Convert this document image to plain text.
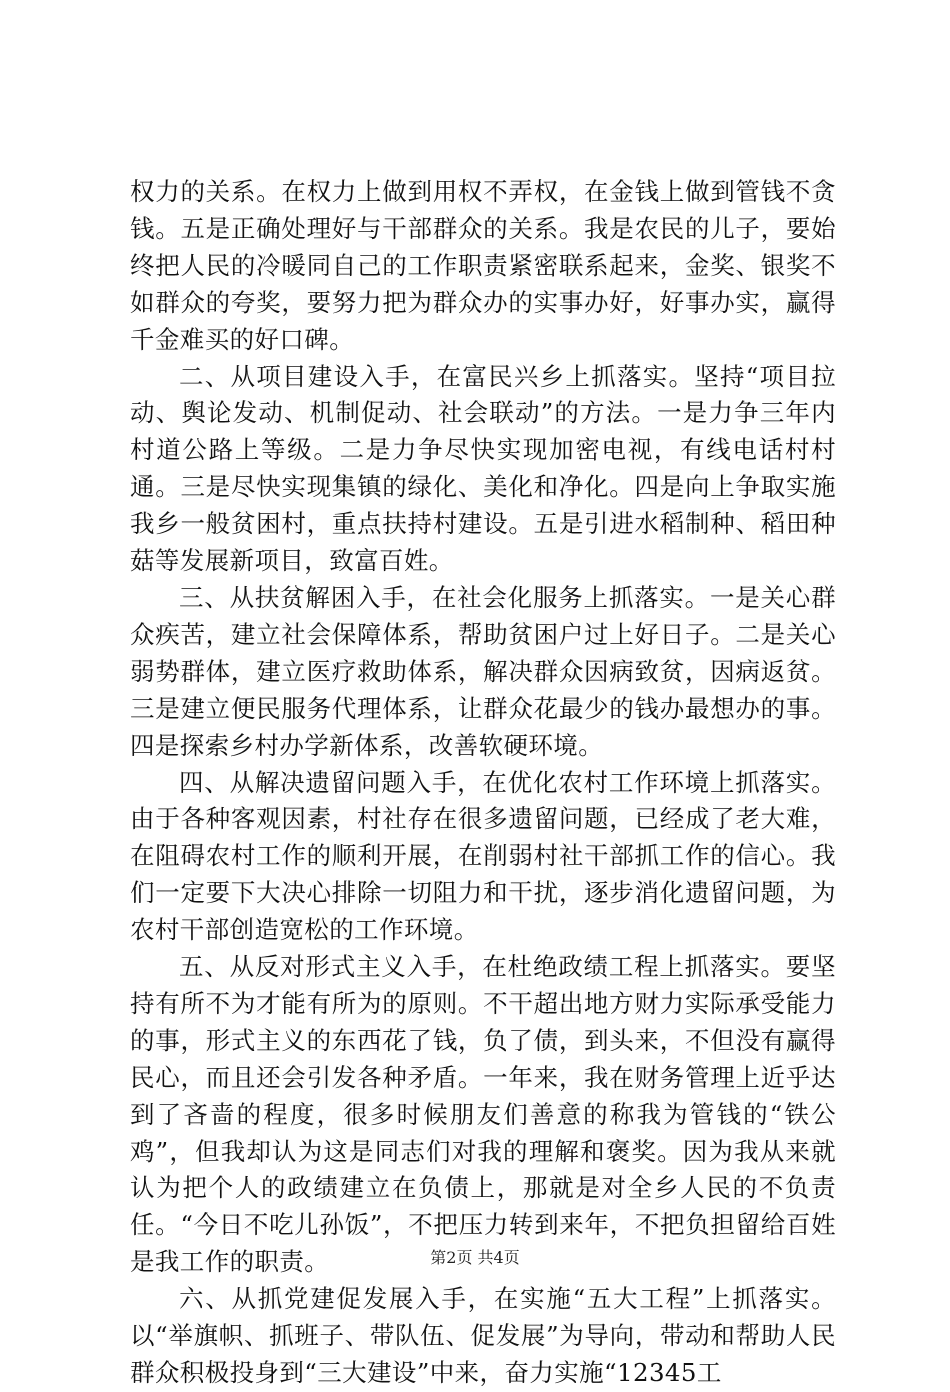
权力的关系。在权力上做到用权不弄权，在金钱上做到管钱不贪钱。五是正确处理好与干部群众的关系。我是农民的儿子，要始终把人民的冷暖同自己的工作职责紧密联系起来，金奖、银奖不如群众的夸奖，要努力把为群众办的实事办好，好事办实，赢得千金难买的好口碑。

二、从项目建设入手，在富民兴乡上抓落实。坚持“项目拉动、舆论发动、机制促动、社会联动”的方法。一是力争三年内村道公路上等级。二是力争尽快实现加密电视，有线电话村村通。三是尽快实现集镇的绿化、美化和净化。四是向上争取实施我乡一般贫困村，重点扶持村建设。五是引进水稻制种、稻田种菇等发展新项目，致富百姓。

三、从扶贫解困入手，在社会化服务上抓落实。一是关心群众疾苦，建立社会保障体系，帮助贫困户过上好日子。二是关心弱势群体，建立医疗救助体系，解决群众因病致贫，因病返贫。三是建立便民服务代理体系，让群众花最少的钱办最想办的事。四是探索乡村办学新体系，改善软硬环境。

四、从解决遗留问题入手，在优化农村工作环境上抓落实。由于各种客观因素，村社存在很多遗留问题，已经成了老大难，在阻碍农村工作的顺利开展，在削弱村社干部抓工作的信心。我们一定要下大决心排除一切阻力和干扰，逐步消化遗留问题，为农村干部创造宽松的工作环境。

五、从反对形式主义入手，在杜绝政绩工程上抓落实。要坚持有所不为才能有所为的原则。不干超出地方财力实际承受能力的事，形式主义的东西花了钱，负了债，到头来，不但没有赢得民心，而且还会引发各种矛盾。一年来，我在财务管理上近乎达到了吝啬的程度，很多时候朋友们善意的称我为管钱的“铁公鸡”，但我却认为这是同志们对我的理解和褒奖。因为我从来就认为把个人的政绩建立在负债上，那就是对全乡人民的不负责任。“今日不吃儿孙饭”，不把压力转到来年，不把负担留给百姓是我工作的职责。

六、从抓党建促发展入手，在实施“五大工程”上抓落实。以“举旗帜、抓班子、带队伍、促发展”为导向，带动和帮助人民群众积极投身到“三大建设”中来，奋力实施“12345工

第2页 共4页
